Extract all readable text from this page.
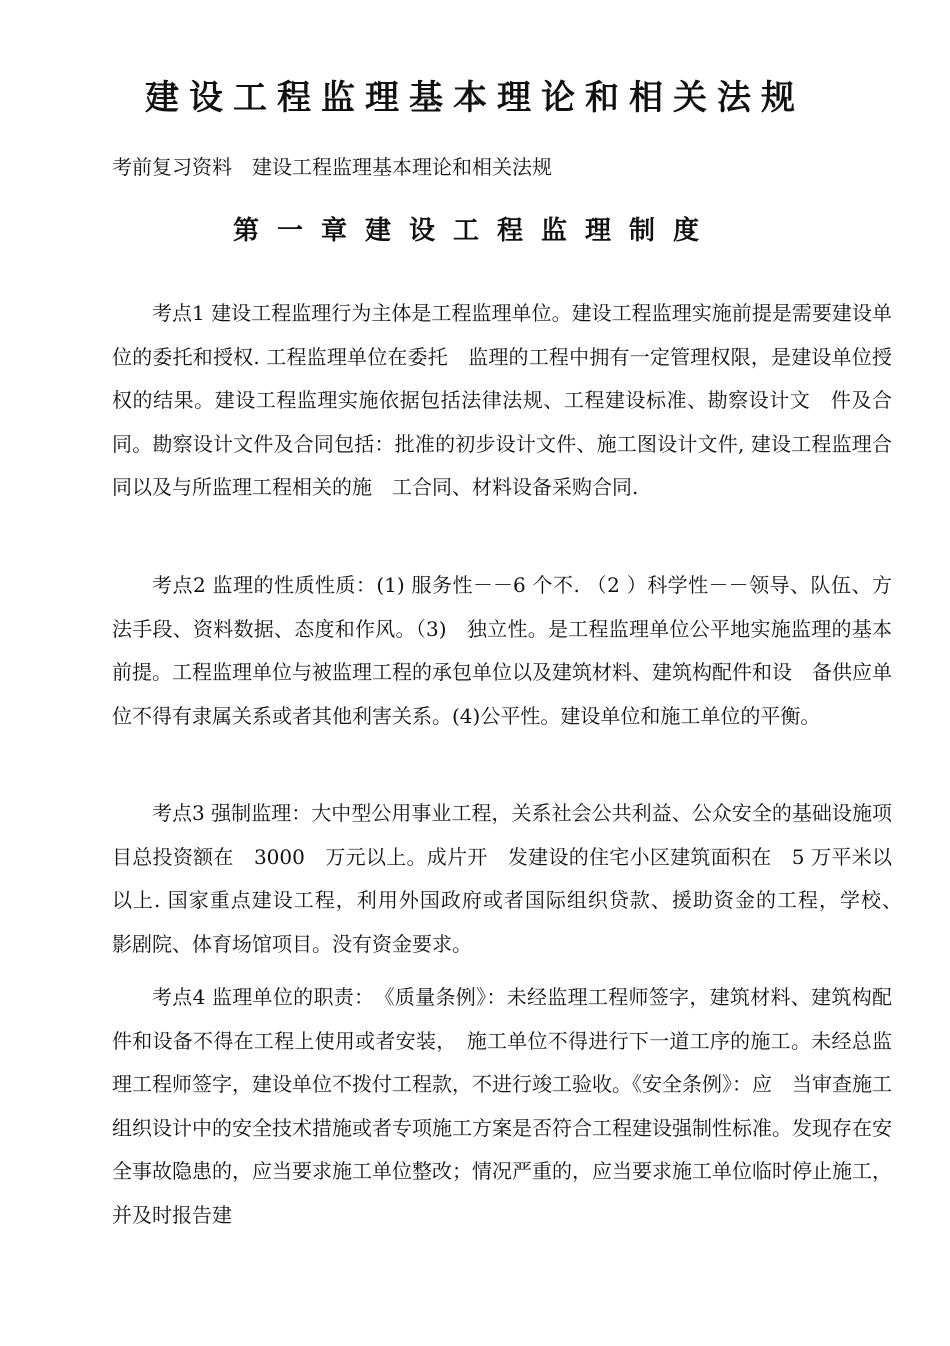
建设工程监理基本理论和相关法规

考前复习资料　建设工程监理基本理论和相关法规

第一章建设工程监理制度

考点1 建设工程监理行为主体是工程监理单位。建设工程监理实施前提是需要建设单位的委托和授权. 工程监理单位在委托　监理的工程中拥有一定管理权限，是建设单位授权的结果。建设工程监理实施依据包括法律法规、工程建设标准、勘察设计文　件及合同。勘察设计文件及合同包括：批准的初步设计文件、施工图设计文件, 建设工程监理合同以及与所监理工程相关的施　工合同、材料设备采购合同.

考点2 监理的性质性质：(1) 服务性－－6 个不. （2 ）科学性－－领导、队伍、方法手段、资料数据、态度和作风。（3)　独立性。是工程监理单位公平地实施监理的基本前提。工程监理单位与被监理工程的承包单位以及建筑材料、建筑构配件和设　备供应单位不得有隶属关系或者其他利害关系。(4)公平性。建设单位和施工单位的平衡。

考点3 强制监理：大中型公用事业工程，关系社会公共利益、公众安全的基础设施项目总投资额在　3000　万元以上。成片开　发建设的住宅小区建筑面积在　5 万平米以以上. 国家重点建设工程，利用外国政府或者国际组织贷款、援助资金的工程，学校、　影剧院、体育场馆项目。没有资金要求。

考点4 监理单位的职责：　《质量条例》：未经监理工程师签字，建筑材料、建筑构配件和设备不得在工程上使用或者安装，　施工单位不得进行下一道工序的施工。未经总监理工程师签字，建设单位不拨付工程款，不进行竣工验收。《安全条例》：应　当审查施工组织设计中的安全技术措施或者专项施工方案是否符合工程建设强制性标准。发现存在安全事故隐患的，应当要求施工单位整改；情况严重的，应当要求施工单位临时停止施工，并及时报告建
